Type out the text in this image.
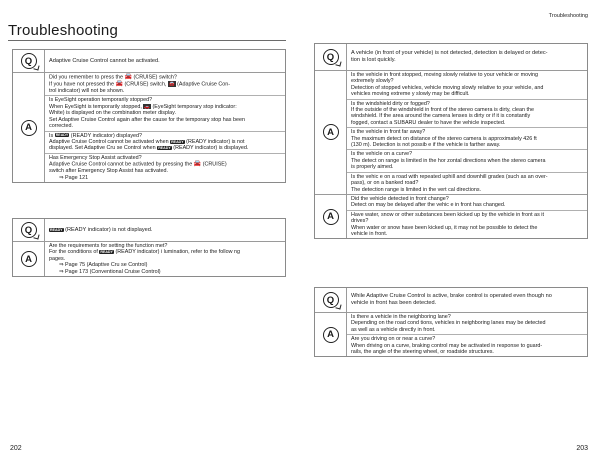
Troubleshooting
Troubleshooting
202	203
Q	Adaptive Cruise Control cannot be activated.
A
Did you remember to press the 🚘 (CRUISE) switch?
If you have not pressed the 🚘 (CRUISE) switch, 🚘 (Adaptive Cruise Con-
trol indicator) will not be shown.
Is EyeSight operation temporarily stopped?
When EyeSight is temporarily stopped, 🚗 (EyeSight temporary stop indicator:
White) is displayed on the combination meter display.
Set Adaptive Cruise Control again after the cause for the temporary stop has been
corrected.
Is READY (READY indicator) displayed?
Adaptive Cruise Control cannot be activated when READY (READY indicator) is not
displayed. Set Adaptive Cru se Control when READY (READY indicator) is displayed.
Has Emergency Stop Assist activated?
Adaptive Cruise Control cannot be activated by pressing the 🚘 (CRUISE)
switch after Emergency Stop Assist has activated.
⇒ Page 121
Q	READY
(READY indicator) is not displayed.
A
Are the requirements for setting the function met?
For the conditions of READY (READY indicator) i lumination, refer to the follow ng
pages.
⇒ Page 75 (Adaptive Cru se Control)
⇒ Page 173 (Conventional Cruise Control)
Q	A vehicle (in front of your vehicle) is not detected, detection is delayed or detec-
tion is lost quickly.
A
Is the vehicle in front stopped, moving slowly relative to your vehicle or moving
extremely slowly?
Detection of stopped vehicles, vehicle moving slowly relative to your vehicle, and
vehicles moving extreme y slowly may be difficult.
Is the windshield dirty or fogged?
If the outside of the windshield in front of the stereo camera is dirty, clean the
windshield. If the area around the camera lenses is dirty or if it is constantly
fogged, contact a SUBARU dealer to have the vehicle inspected.
Is the vehicle in front far away?
The maximum detect on distance of the stereo camera is approximately 426 ft
(130 m). Detection is not possib e if the vehicle is farther away.
Is the vehicle on a curve?
The detect on range is limited in the hor zontal directions when the stereo camera
is properly aimed.
Is the vehic e on a road with repeated uphill and downhill grades (such as an over-
pass), or on a banked road?
The detection range is limited in the vert cal directions.
A
Did the vehicle detected in front change?
Detect on may be delayed after the vehic e in front has changed.
Have water, snow or other substances been kicked up by the vehicle in front as it
drives?
When water or snow have been kicked up, it may not be possible to detect the
vehicle in front.
Q	While Adaptive Cruise Control is active, brake control is operated even though no
vehicle in front has been detected.
A
Is there a vehicle in the neighboring lane?
Depending on the road cond tions, vehicles in neighboring lanes may be detected
as well as a vehicle directly in front.
Are you driving on or near a curve?
When driving on a curve, braking control may be activated in response to guard-
rails, the angle of the steering wheel, or roadside structures.
